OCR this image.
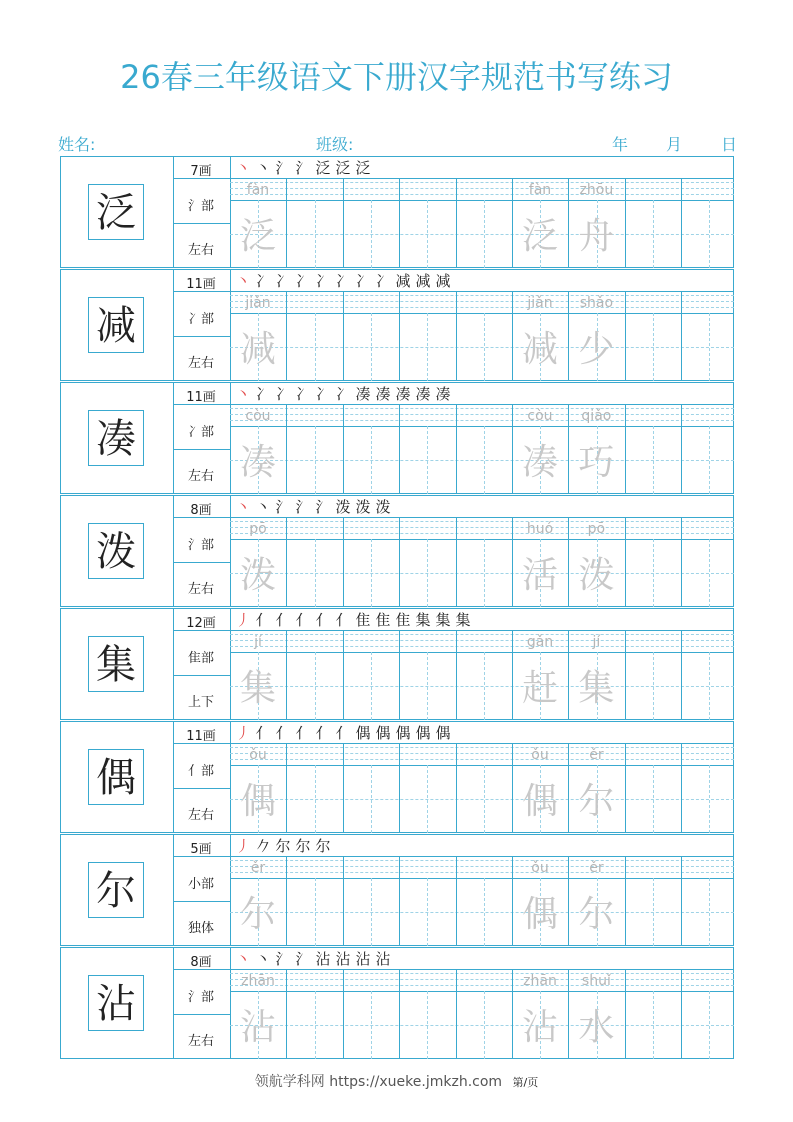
26春三年级语文下册汉字规范书写练习
姓名:	班级:	年 月 日
泛
7画
氵部
左右
丶 丶 氵 氵 泛 泛 泛
fàn
泛
fàn
泛
zhōu
舟
减
11画
冫部
左右
丶 冫 冫 冫 冫 冫 冫 冫 减 减 减
jiǎn
减
jiǎn
减
shǎo
少
凑
11画
冫部
左右
丶 冫 冫 冫 冫 冫 凑 凑 凑 凑 凑
còu
凑
còu
凑
qiǎo
巧
泼
8画
氵部
左右
丶 丶 氵 氵 氵 泼 泼 泼
pō
泼
huó
活
pō
泼
集
12画
隹部
上下
丿 亻 亻 亻 亻 亻 隹 隹 隹 集 集 集
jí
集
gǎn
赶
jí
集
偶
11画
亻部
左右
丿 亻 亻 亻 亻 亻 偶 偶 偶 偶 偶
ǒu
偶
ǒu
偶
ěr
尔
尔
5画
小部
独体
丿 𠂊 尔 尔 尔
ěr
尔
ǒu
偶
ěr
尔
沾
8画
氵部
左右
丶 丶 氵 氵 沾 沾 沾 沾
zhān
沾
zhān
沾
shuǐ
水
领航学科网 https://xueke.jmkzh.com 第/页
